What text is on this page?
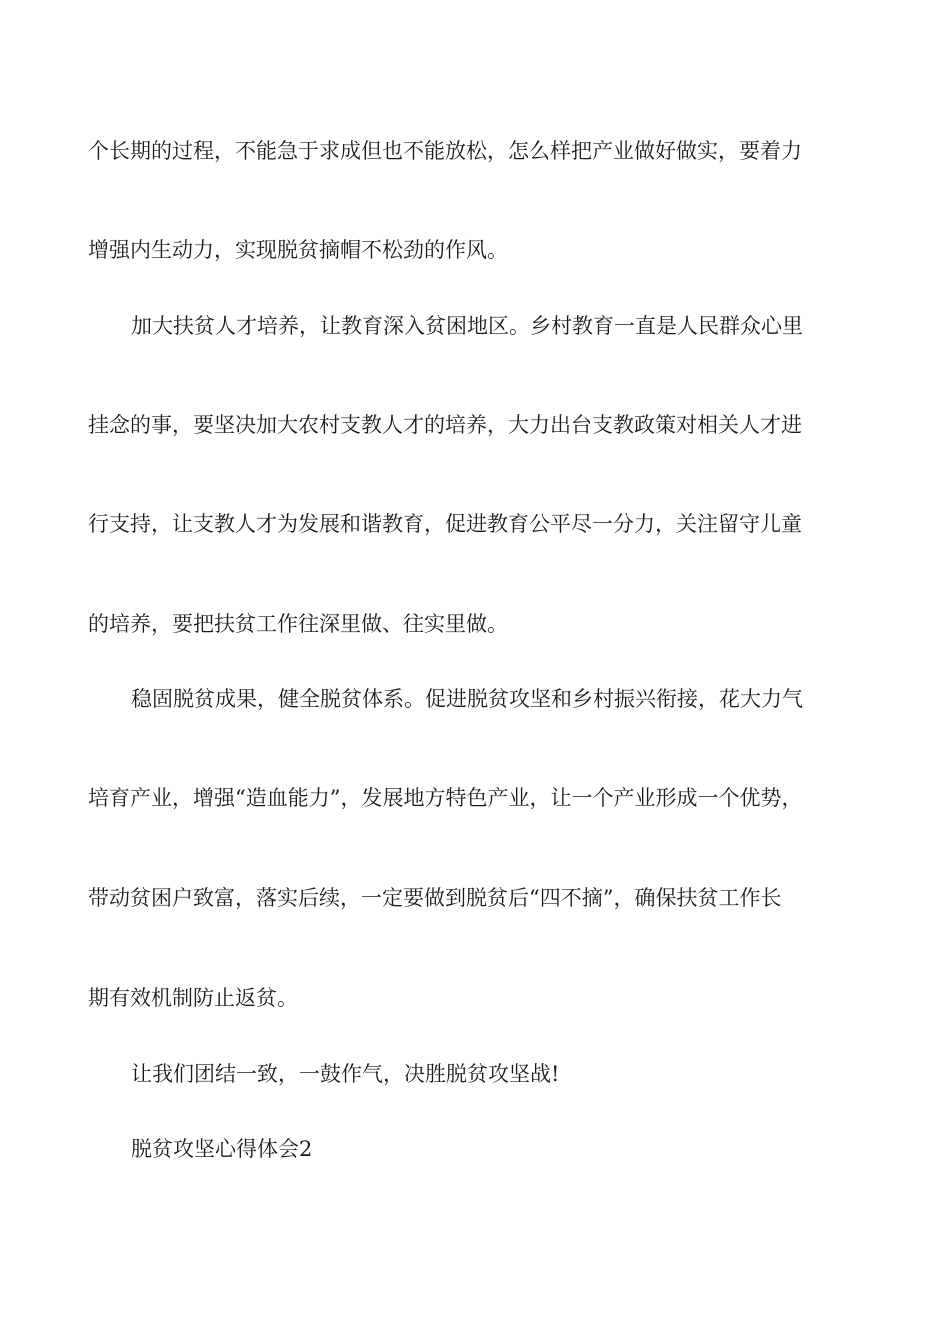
个长期的过程，不能急于求成但也不能放松，怎么样把产业做好做实，要着力
增强内生动力，实现脱贫摘帽不松劲的作风。
加大扶贫人才培养，让教育深入贫困地区。乡村教育一直是人民群众心里
挂念的事，要坚决加大农村支教人才的培养，大力出台支教政策对相关人才进
行支持，让支教人才为发展和谐教育，促进教育公平尽一分力，关注留守儿童
的培养，要把扶贫工作往深里做、往实里做。
稳固脱贫成果，健全脱贫体系。促进脱贫攻坚和乡村振兴衔接，花大力气
培育产业，增强“造血能力”，发展地方特色产业，让一个产业形成一个优势，
带动贫困户致富，落实后续，一定要做到脱贫后“四不摘”，确保扶贫工作长
期有效机制防止返贫。
让我们团结一致，一鼓作气，决胜脱贫攻坚战!
脱贫攻坚心得体会2
